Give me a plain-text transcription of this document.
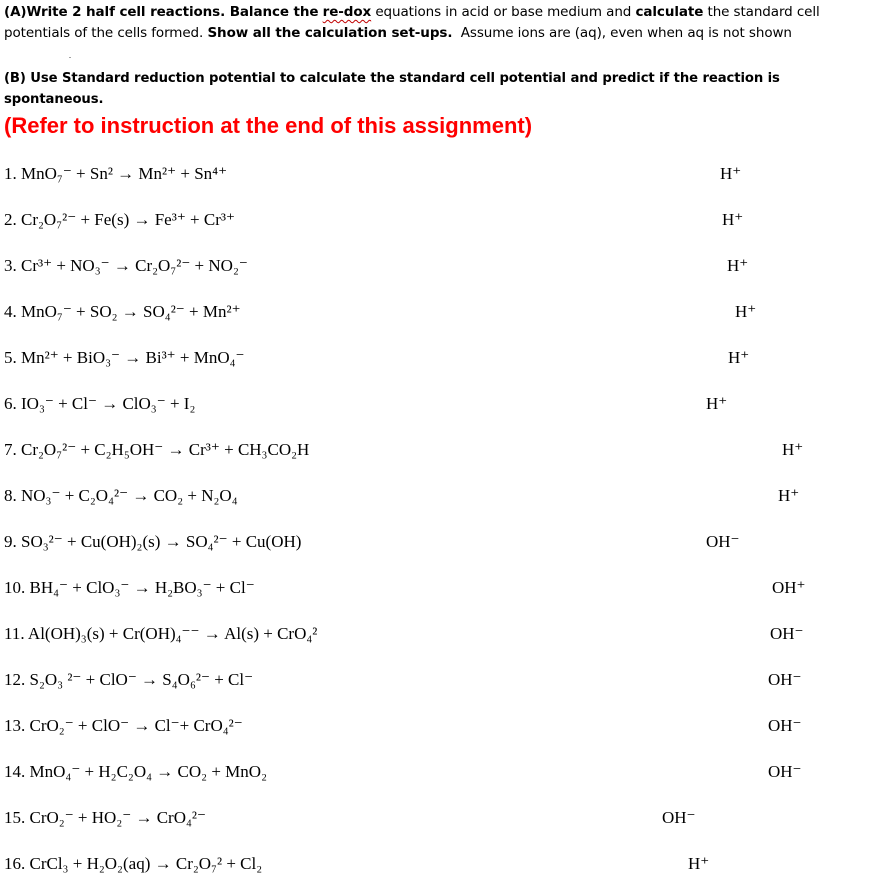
(A)Write 2 half cell reactions. Balance the re-dox equations in acid or base medium and calculate the standard cell
potentials of the cells formed. Show all the calculation set-ups. Assume ions are (aq), even when aq is not shown
.
(B) Use Standard reduction potential to calculate the standard cell potential and predict if the reaction is
spontaneous.
(Refer to instruction at the end of this assignment)
1. MnO₇⁻ + Sn² → Mn²⁺ + Sn⁴⁺	H⁺
2. Cr₂O₇²⁻ + Fe(s) → Fe³⁺ + Cr³⁺	H⁺
3. Cr³⁺ + NO₃⁻ → Cr₂O₇²⁻ + NO₂⁻	H⁺
4. MnO₇⁻ + SO₂ → SO₄²⁻ + Mn²⁺	H⁺
5. Mn²⁺ + BiO₃⁻ → Bi³⁺ + MnO₄⁻	H⁺
6. IO₃⁻ + Cl⁻ → ClO₃⁻ + I₂	H⁺
7. Cr₂O₇²⁻ + C₂H₅OH⁻ → Cr³⁺ + CH₃CO₂H	H⁺
8. NO₃⁻ + C₂O₄²⁻ → CO₂ + N₂O₄	H⁺
9. SO₃²⁻ + Cu(OH)₂(s) → SO₄²⁻ + Cu(OH)	OH⁻
10. BH₄⁻ + ClO₃⁻ → H₂BO₃⁻ + Cl⁻	OH⁺
11. Al(OH)₃(s) + Cr(OH)₄⁻⁻ → Al(s) + CrO₄²	OH⁻
12. S₂O₃ ²⁻ + ClO⁻ → S₄O₆²⁻ + Cl⁻	OH⁻
13. CrO₂⁻ + ClO⁻ → Cl⁻+ CrO₄²⁻	OH⁻
14. MnO₄⁻ + H₂C₂O₄ → CO₂ + MnO₂	OH⁻
15. CrO₂⁻ + HO₂⁻ → CrO₄²⁻	OH⁻
16. CrCl₃ + H₂O₂(aq) → Cr₂O₇² + Cl₂	H⁺
